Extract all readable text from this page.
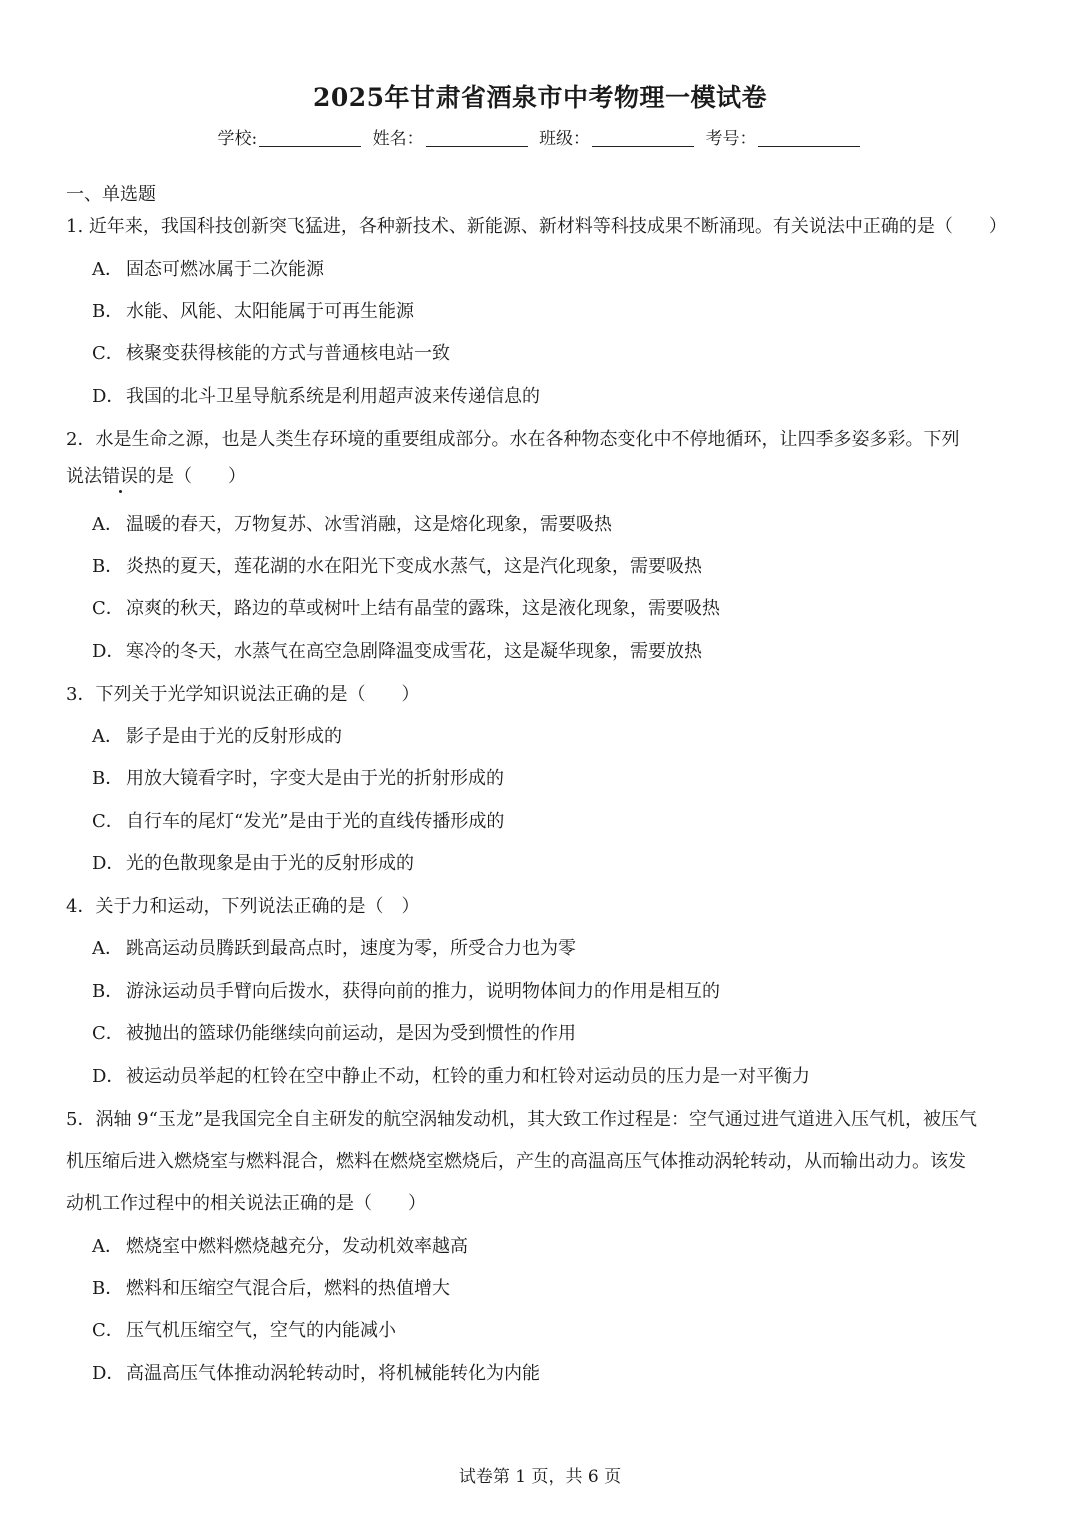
2025年甘肃省酒泉市中考物理一模试卷
学校:	姓名：	班级：	考号：
一、单选题
1. 近年来，我国科技创新突飞猛进，各种新技术、新能源、新材料等科技成果不断涌现。有关说法中正确的是（　　）
A． 固态可燃冰属于二次能源
B． 水能、风能、太阳能属于可再生能源
C． 核聚变获得核能的方式与普通核电站一致
D．我国的北斗卫星导航系统是利用超声波来传递信息的
2．水是生命之源，也是人类生存环境的重要组成部分。水在各种物态变化中不停地循环，让四季多姿多彩。下列
说法错误的是（　　）
A． 温暖的春天，万物复苏、冰雪消融，这是熔化现象，需要吸热
B． 炎热的夏天，莲花湖的水在阳光下变成水蒸气，这是汽化现象，需要吸热
C． 凉爽的秋天，路边的草或树叶上结有晶莹的露珠，这是液化现象，需要吸热
D．寒冷的冬天，水蒸气在高空急剧降温变成雪花，这是凝华现象，需要放热
3．下列关于光学知识说法正确的是（　　）
A． 影子是由于光的反射形成的
B． 用放大镜看字时，字变大是由于光的折射形成的
C． 自行车的尾灯“发光”是由于光的直线传播形成的
D．光的色散现象是由于光的反射形成的
4．关于力和运动，下列说法正确的是（　）
A． 跳高运动员腾跃到最高点时，速度为零，所受合力也为零
B． 游泳运动员手臂向后拨水，获得向前的推力，说明物体间力的作用是相互的
C． 被抛出的篮球仍能继续向前运动，是因为受到惯性的作用
D．被运动员举起的杠铃在空中静止不动，杠铃的重力和杠铃对运动员的压力是一对平衡力
5．涡轴 9“玉龙”是我国完全自主研发的航空涡轴发动机，其大致工作过程是：空气通过进气道进入压气机，被压气
机压缩后进入燃烧室与燃料混合，燃料在燃烧室燃烧后，产生的高温高压气体推动涡轮转动，从而输出动力。该发
动机工作过程中的相关说法正确的是（　　）
A． 燃烧室中燃料燃烧越充分，发动机效率越高
B． 燃料和压缩空气混合后，燃料的热值增大
C． 压气机压缩空气，空气的内能减小
D．高温高压气体推动涡轮转动时，将机械能转化为内能
试卷第 1 页，共 6 页
